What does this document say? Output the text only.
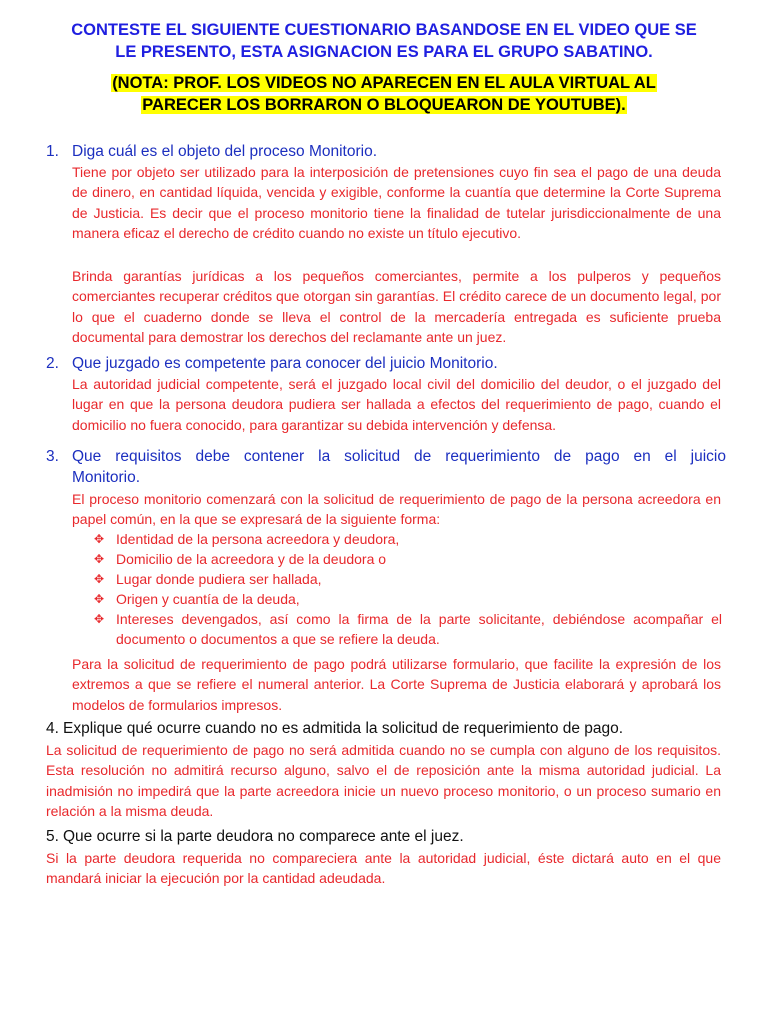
CONTESTE EL SIGUIENTE CUESTIONARIO BASANDOSE EN EL VIDEO QUE SE
LE PRESENTO, ESTA ASIGNACION ES PARA EL GRUPO SABATINO.
(NOTA: PROF. LOS VIDEOS NO APARECEN EN EL AULA VIRTUAL AL
PARECER LOS BORRARON O BLOQUEARON DE YOUTUBE).
1. Diga cuál es el objeto del proceso Monitorio.

Tiene por objeto ser utilizado para la interposición de pretensiones cuyo fin sea el pago de una deuda de dinero, en cantidad líquida, vencida y exigible, conforme la cuantía que determine la Corte Suprema de Justicia. Es decir que el proceso monitorio tiene la finalidad de tutelar jurisdiccionalmente de una manera eficaz el derecho de crédito cuando no existe un título ejecutivo.

Brinda garantías jurídicas a los pequeños comerciantes, permite a los pulperos y pequeños comerciantes recuperar créditos que otorgan sin garantías. El crédito carece de un documento legal, por lo que el cuaderno donde se lleva el control de la mercadería entregada es suficiente prueba documental para demostrar los derechos del reclamante ante un juez.

2. Que juzgado es competente para conocer del juicio Monitorio.

La autoridad judicial competente, será el juzgado local civil del domicilio del deudor, o el juzgado del lugar en que la persona deudora pudiera ser hallada a efectos del requerimiento de pago, cuando el domicilio no fuera conocido, para garantizar su debida intervención y defensa.

3. Que requisitos debe contener la solicitud de requerimiento de pago en el juicio
Monitorio.

El proceso monitorio comenzará con la solicitud de requerimiento de pago de la persona acreedora en papel común, en la que se expresará de la siguiente forma:

✥ Identidad de la persona acreedora y deudora,
✥ Domicilio de la acreedora y de la deudora o
✥ Lugar donde pudiera ser hallada,
✥ Origen y cuantía de la deuda,
✥ Intereses devengados, así como la firma de la parte solicitante, debiéndose acompañar el documento o documentos a que se refiere la deuda.

Para la solicitud de requerimiento de pago podrá utilizarse formulario, que facilite la expresión de los extremos a que se refiere el numeral anterior. La Corte Suprema de Justicia elaborará y aprobará los modelos de formularios impresos.

4. Explique qué ocurre cuando no es admitida la solicitud de requerimiento de pago.

La solicitud de requerimiento de pago no será admitida cuando no se cumpla con alguno de los requisitos. Esta resolución no admitirá recurso alguno, salvo el de reposición ante la misma autoridad judicial. La inadmisión no impedirá que la parte acreedora inicie un nuevo proceso monitorio, o un proceso sumario en relación a la misma deuda.

5. Que ocurre si la parte deudora no comparece ante el juez.

Si la parte deudora requerida no compareciera ante la autoridad judicial, éste dictará auto en el que mandará iniciar la ejecución por la cantidad adeudada.
